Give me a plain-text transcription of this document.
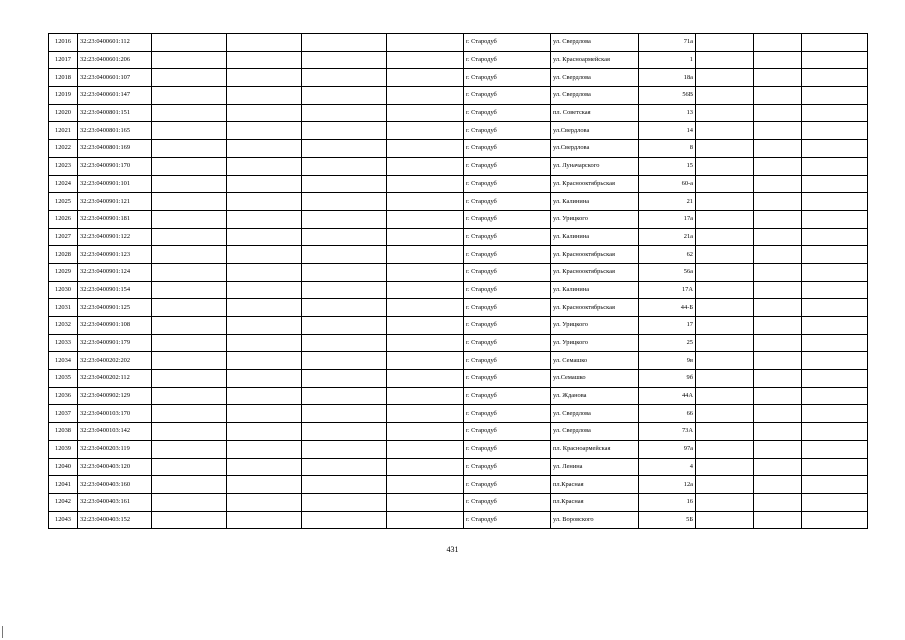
12016	32:23:0400601:112					г. Стародуб	ул. Свердлова	71а			
12017	32:23:0400601:206					г. Стародуб	ул. Красноармейская	1			
12018	32:23:0400601:107					г. Стародуб	ул. Свердлова	18а			
12019	32:23:0400601:147					г. Стародуб	ул. Свердлова	56В			
12020	32:23:0400801:151					г. Стародуб	пл. Советская	13			
12021	32:23:0400801:165					г. Стародуб	ул.Свердлова	14			
12022	32:23:0400801:169					г. Стародуб	ул.Свердлова	8			
12023	32:23:0400901:170					г. Стародуб	ул. Луначарского	15			
12024	32:23:0400901:101					г. Стародуб	ул. Краснооктябрьская	60-а			
12025	32:23:0400901:121					г. Стародуб	ул. Калинина	21			
12026	32:23:0400901:181					г. Стародуб	ул. Урицкого	17а			
12027	32:23:0400901:122					г. Стародуб	ул. Калинина	21а			
12028	32:23:0400901:123					г. Стародуб	ул. Краснооктябрьская	62			
12029	32:23:0400901:124					г. Стародуб	ул. Краснооктябрьская	56а			
12030	32:23:0400901:154					г. Стародуб	ул. Калинина	17А			
12031	32:23:0400901:125					г. Стародуб	ул. Краснооктябрьская	44-Б			
12032	32:23:0400901:108					г. Стародуб	ул. Урицкого	17			
12033	32:23:0400901:179					г. Стародуб	ул. Урицкого	25			
12034	32:23:0400202:202					г. Стародуб	ул. Семашко	9в			
12035	32:23:0400202:112					г. Стародуб	ул.Семашко	9б			
12036	32:23:0400902:129					г. Стародуб	ул. Жданова	44А			
12037	32:23:0400103:170					г. Стародуб	ул. Свердлова	66			
12038	32:23:0400103:142					г. Стародуб	ул. Свердлова	73А			
12039	32:23:0400203:119					г. Стародуб	пл. Красноармейская	97а			
12040	32:23:0400403:120					г. Стародуб	ул. Ленина	4			
12041	32:23:0400403:160					г. Стародуб	пл.Красная	12а			
12042	32:23:0400403:161					г. Стародуб	пл.Красная	16			
12043	32:23:0400403:152					г. Стародуб	ул. Воровского	5Б			
431
